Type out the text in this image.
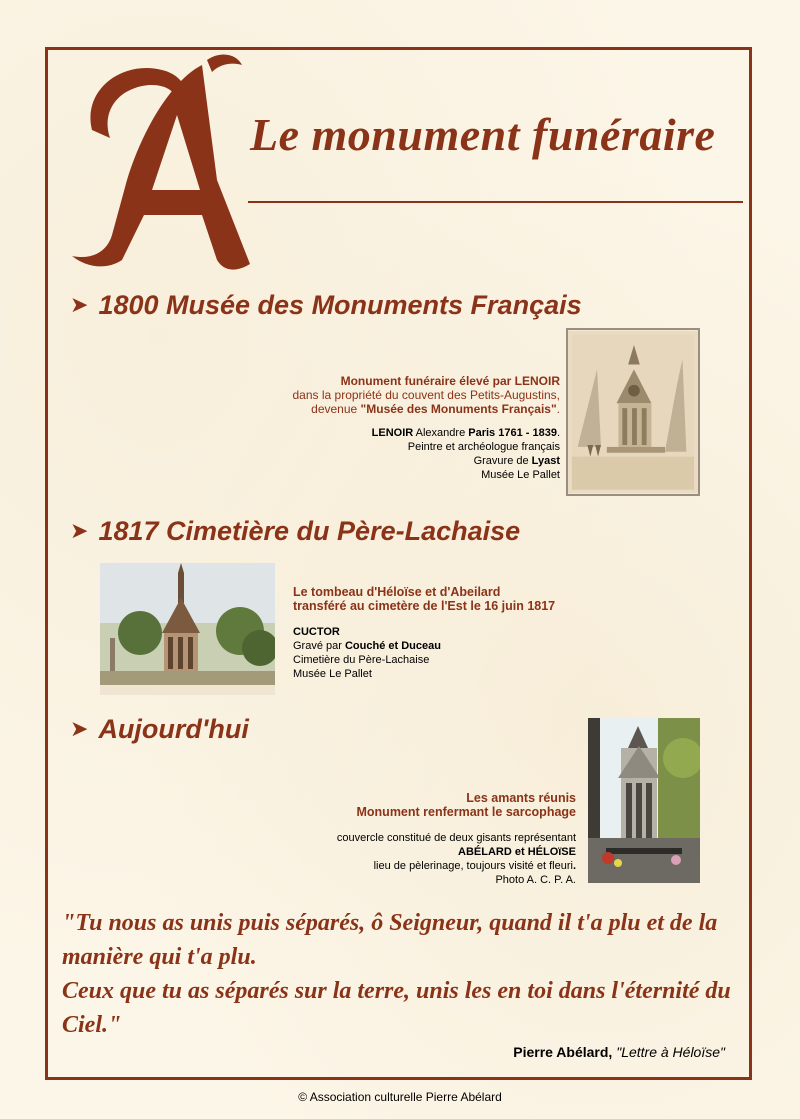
Le monument funéraire
➤ 1800 Musée des Monuments Français
Monument funéraire élevé par LENOIR
dans la propriété du couvent des Petits-Augustins,
devenue "Musée des Monuments Français".
LENOIR Alexandre Paris 1761 - 1839.
Peintre et archéologue français
Gravure de Lyast
Musée Le Pallet
➤ 1817 Cimetière du Père-Lachaise
Le tombeau d'Héloïse et d'Abeilard
transféré au cimetère de l'Est le 16 juin 1817
CUCTOR
Gravé par Couché et Duceau
Cimetière du Père-Lachaise
Musée Le Pallet
➤ Aujourd'hui
Les amants réunis
Monument renfermant le sarcophage
couvercle constitué de deux gisants représentant
ABÉLARD et HÉLOïSE
lieu de pèlerinage, toujours visité et fleuri.
Photo A. C. P. A.
"Tu nous as unis puis séparés, ô Seigneur, quand il t'a plu et de la manière qui t'a plu.
Ceux que tu as séparés sur la terre, unis les en toi dans l'éternité du Ciel."
Pierre Abélard, "Lettre à Héloïse"
© Association culturelle Pierre Abélard
